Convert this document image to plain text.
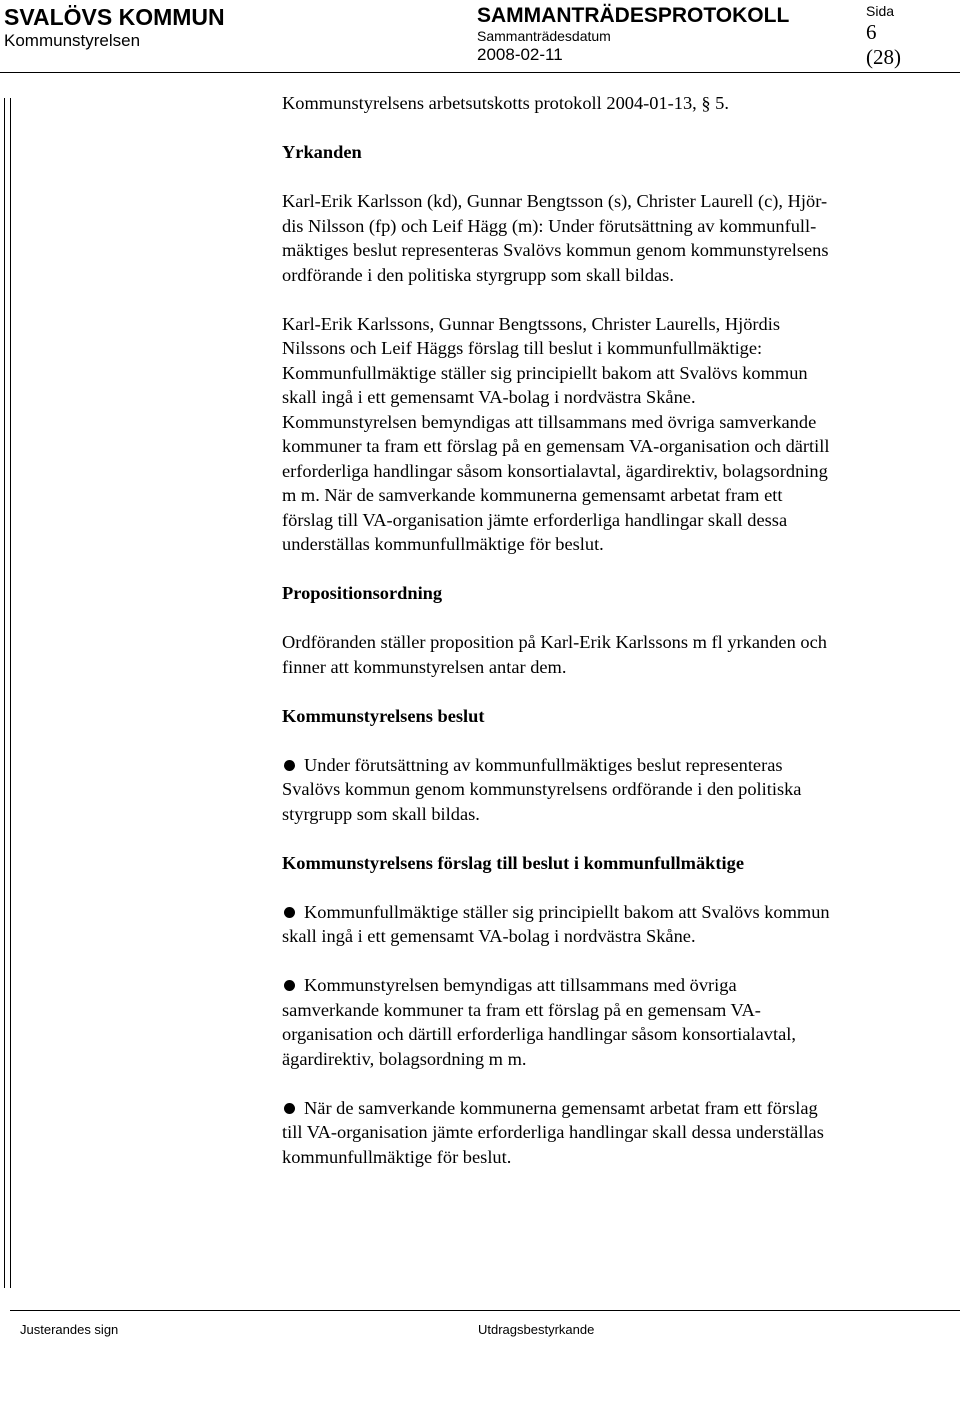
SVALÖVS KOMMUN
Kommunstyrelsen
SAMMANTRÄDESPROTOKOLL
Sammanträdesdatum
2008-02-11
Sida
6
(28)

Kommunstyrelsens arbetsutskotts protokoll 2004-01-13, § 5.

Yrkanden

Karl-Erik Karlsson (kd), Gunnar Bengtsson (s), Christer Laurell (c), Hjör-

dis Nilsson (fp) och Leif Hägg (m): Under förutsättning av kommunfull-

mäktiges beslut representeras Svalövs kommun genom kommunstyrelsens

ordförande i den politiska styrgrupp som skall bildas.

Karl-Erik Karlssons, Gunnar Bengtssons, Christer Laurells, Hjördis

Nilssons och Leif Häggs förslag till beslut i kommunfullmäktige:

Kommunfullmäktige ställer sig principiellt bakom att Svalövs kommun

skall ingå i ett gemensamt VA-bolag i nordvästra Skåne.

Kommunstyrelsen bemyndigas att tillsammans med övriga samverkande

kommuner ta fram ett förslag på en gemensam VA-organisation och därtill

erforderliga handlingar såsom konsortialavtal, ägardirektiv, bolagsordning

m m. När de samverkande kommunerna gemensamt arbetat fram ett

förslag till VA-organisation jämte erforderliga handlingar skall dessa

underställas kommunfullmäktige för beslut.

Propositionsordning

Ordföranden ställer proposition på Karl-Erik Karlssons m fl yrkanden och

finner att kommunstyrelsen antar dem.

Kommunstyrelsens beslut

Under förutsättning av kommunfullmäktiges beslut representeras

Svalövs kommun genom kommunstyrelsens ordförande i den politiska

styrgrupp som skall bildas.

Kommunstyrelsens förslag till beslut i kommunfullmäktige

Kommunfullmäktige ställer sig principiellt bakom att Svalövs kommun

skall ingå i ett gemensamt VA-bolag i nordvästra Skåne.

Kommunstyrelsen bemyndigas att tillsammans med övriga

samverkande kommuner ta fram ett förslag på en gemensam VA-

organisation och därtill erforderliga handlingar såsom konsortialavtal,

ägardirektiv, bolagsordning m m.

När de samverkande kommunerna gemensamt arbetat fram ett förslag

till VA-organisation jämte erforderliga handlingar skall dessa underställas

kommunfullmäktige för beslut.

Justerandes sign	Utdragsbestyrkande
